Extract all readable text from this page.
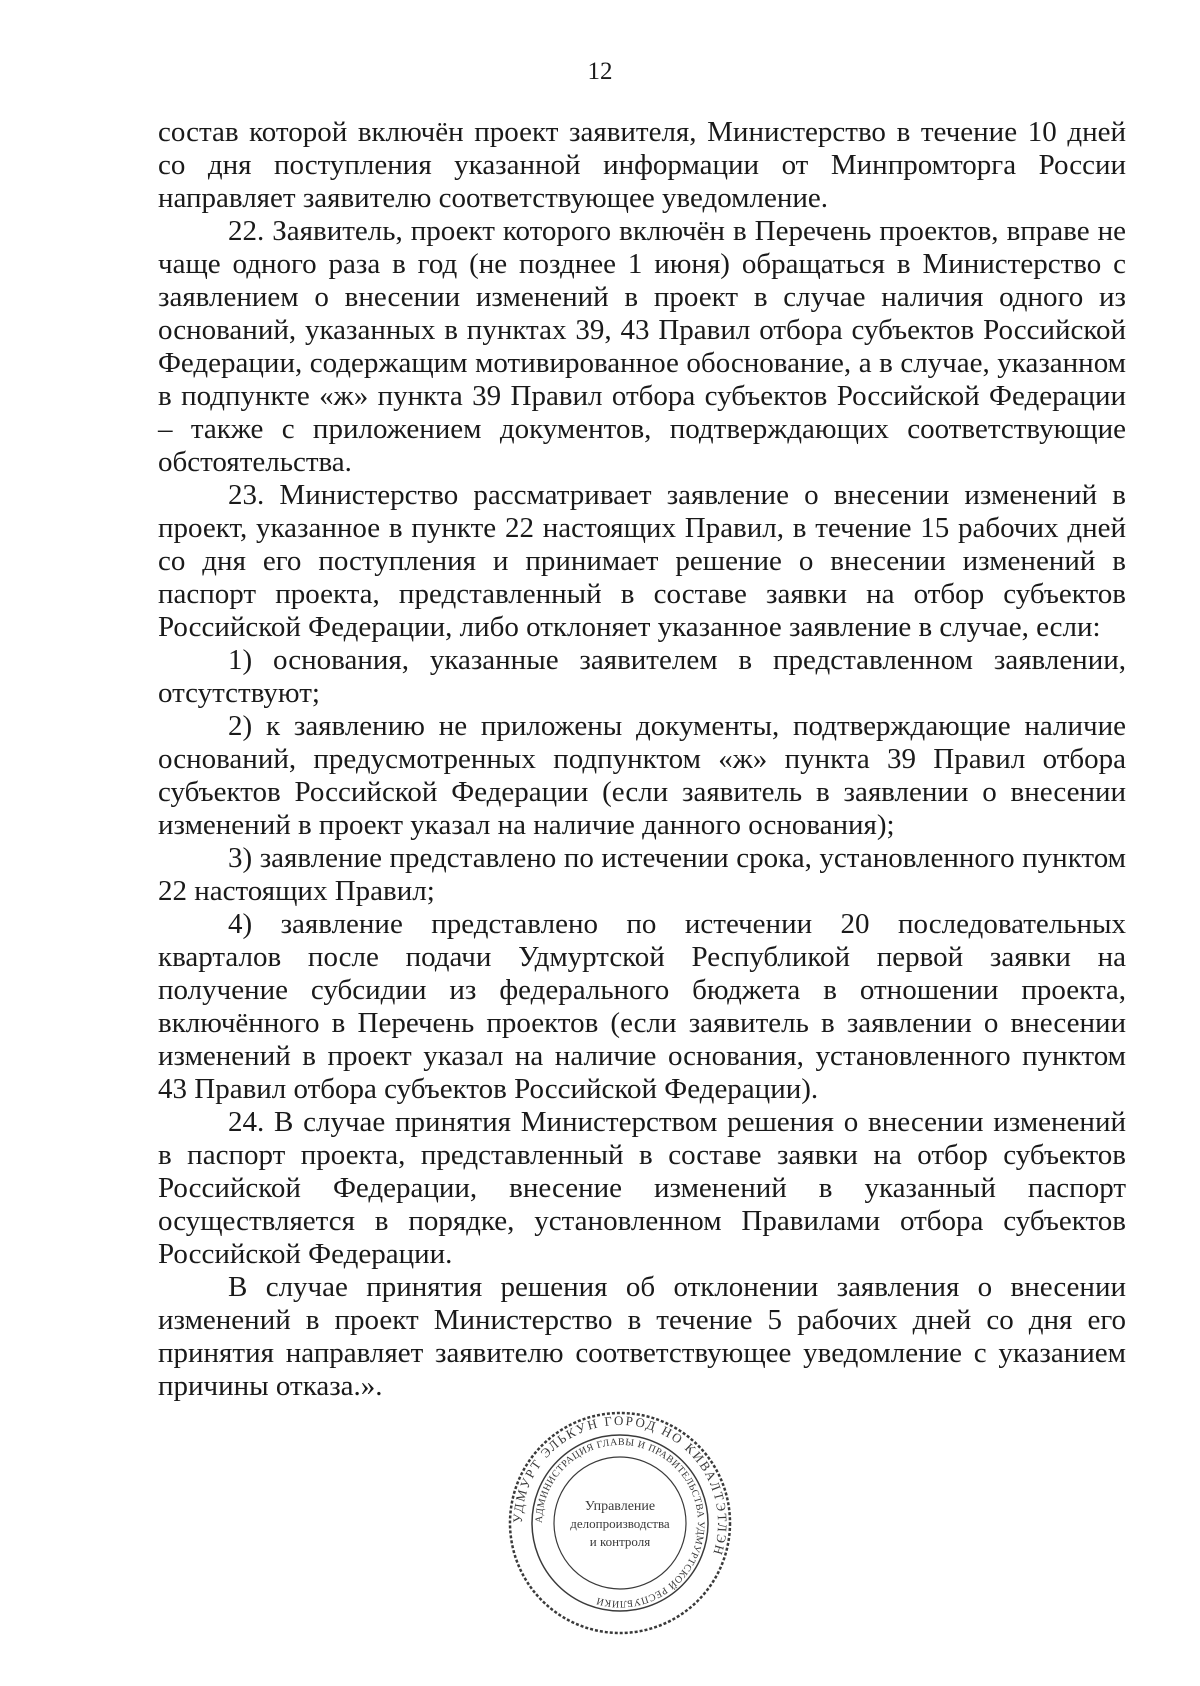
12

состав которой включён проект заявителя, Министерство в течение 10 дней со дня поступления указанной информации от Минпромторга России направляет заявителю соответствующее уведомление.

22. Заявитель, проект которого включён в Перечень проектов, вправе не чаще одного раза в год (не позднее 1 июня) обращаться в Министерство с заявлением о внесении изменений в проект в случае наличия одного из оснований, указанных в пунктах 39, 43 Правил отбора субъектов Российской Федерации, содержащим мотивированное обоснование, а в случае, указанном в подпункте «ж» пункта 39 Правил отбора субъектов Российской Федерации – также с приложением документов, подтверждающих соответствующие обстоятельства.

23. Министерство рассматривает заявление о внесении изменений в проект, указанное в пункте 22 настоящих Правил, в течение 15 рабочих дней со дня его поступления и принимает решение о внесении изменений в паспорт проекта, представленный в составе заявки на отбор субъектов Российской Федерации, либо отклоняет указанное заявление в случае, если:

1) основания, указанные заявителем в представленном заявлении, отсутствуют;

2) к заявлению не приложены документы, подтверждающие наличие оснований, предусмотренных подпунктом «ж» пункта 39 Правил отбора субъектов Российской Федерации (если заявитель в заявлении о внесении изменений в проект указал на наличие данного основания);

3) заявление представлено по истечении срока, установленного пунктом 22 настоящих Правил;

4) заявление представлено по истечении 20 последовательных кварталов после подачи Удмуртской Республикой первой заявки на получение субсидии из федерального бюджета в отношении проекта, включённого в Перечень проектов (если заявитель в заявлении о внесении изменений в проект указал на наличие основания, установленного пунктом 43 Правил отбора субъектов Российской Федерации).

24. В случае принятия Министерством решения о внесении изменений в паспорт проекта, представленный в составе заявки на отбор субъектов Российской Федерации, внесение изменений в указанный паспорт осуществляется в порядке, установленном Правилами отбора субъектов Российской Федерации.

В случае принятия решения об отклонении заявления о внесении изменений в проект Министерство в течение 5 рабочих дней со дня его принятия направляет заявителю соответствующее уведомление с указанием причины отказа.».

УДМУРТ ЭЛЬКУН ГОРОД НО КИВАЛТЭТЛЭН
АДМИНИСТРАЦИЯ ГЛАВЫ И ПРАВИТЕЛЬСТВА УДМУРТСКОЙ РЕСПУБЛИКИ
Управление
делопроизводства
и контроля
